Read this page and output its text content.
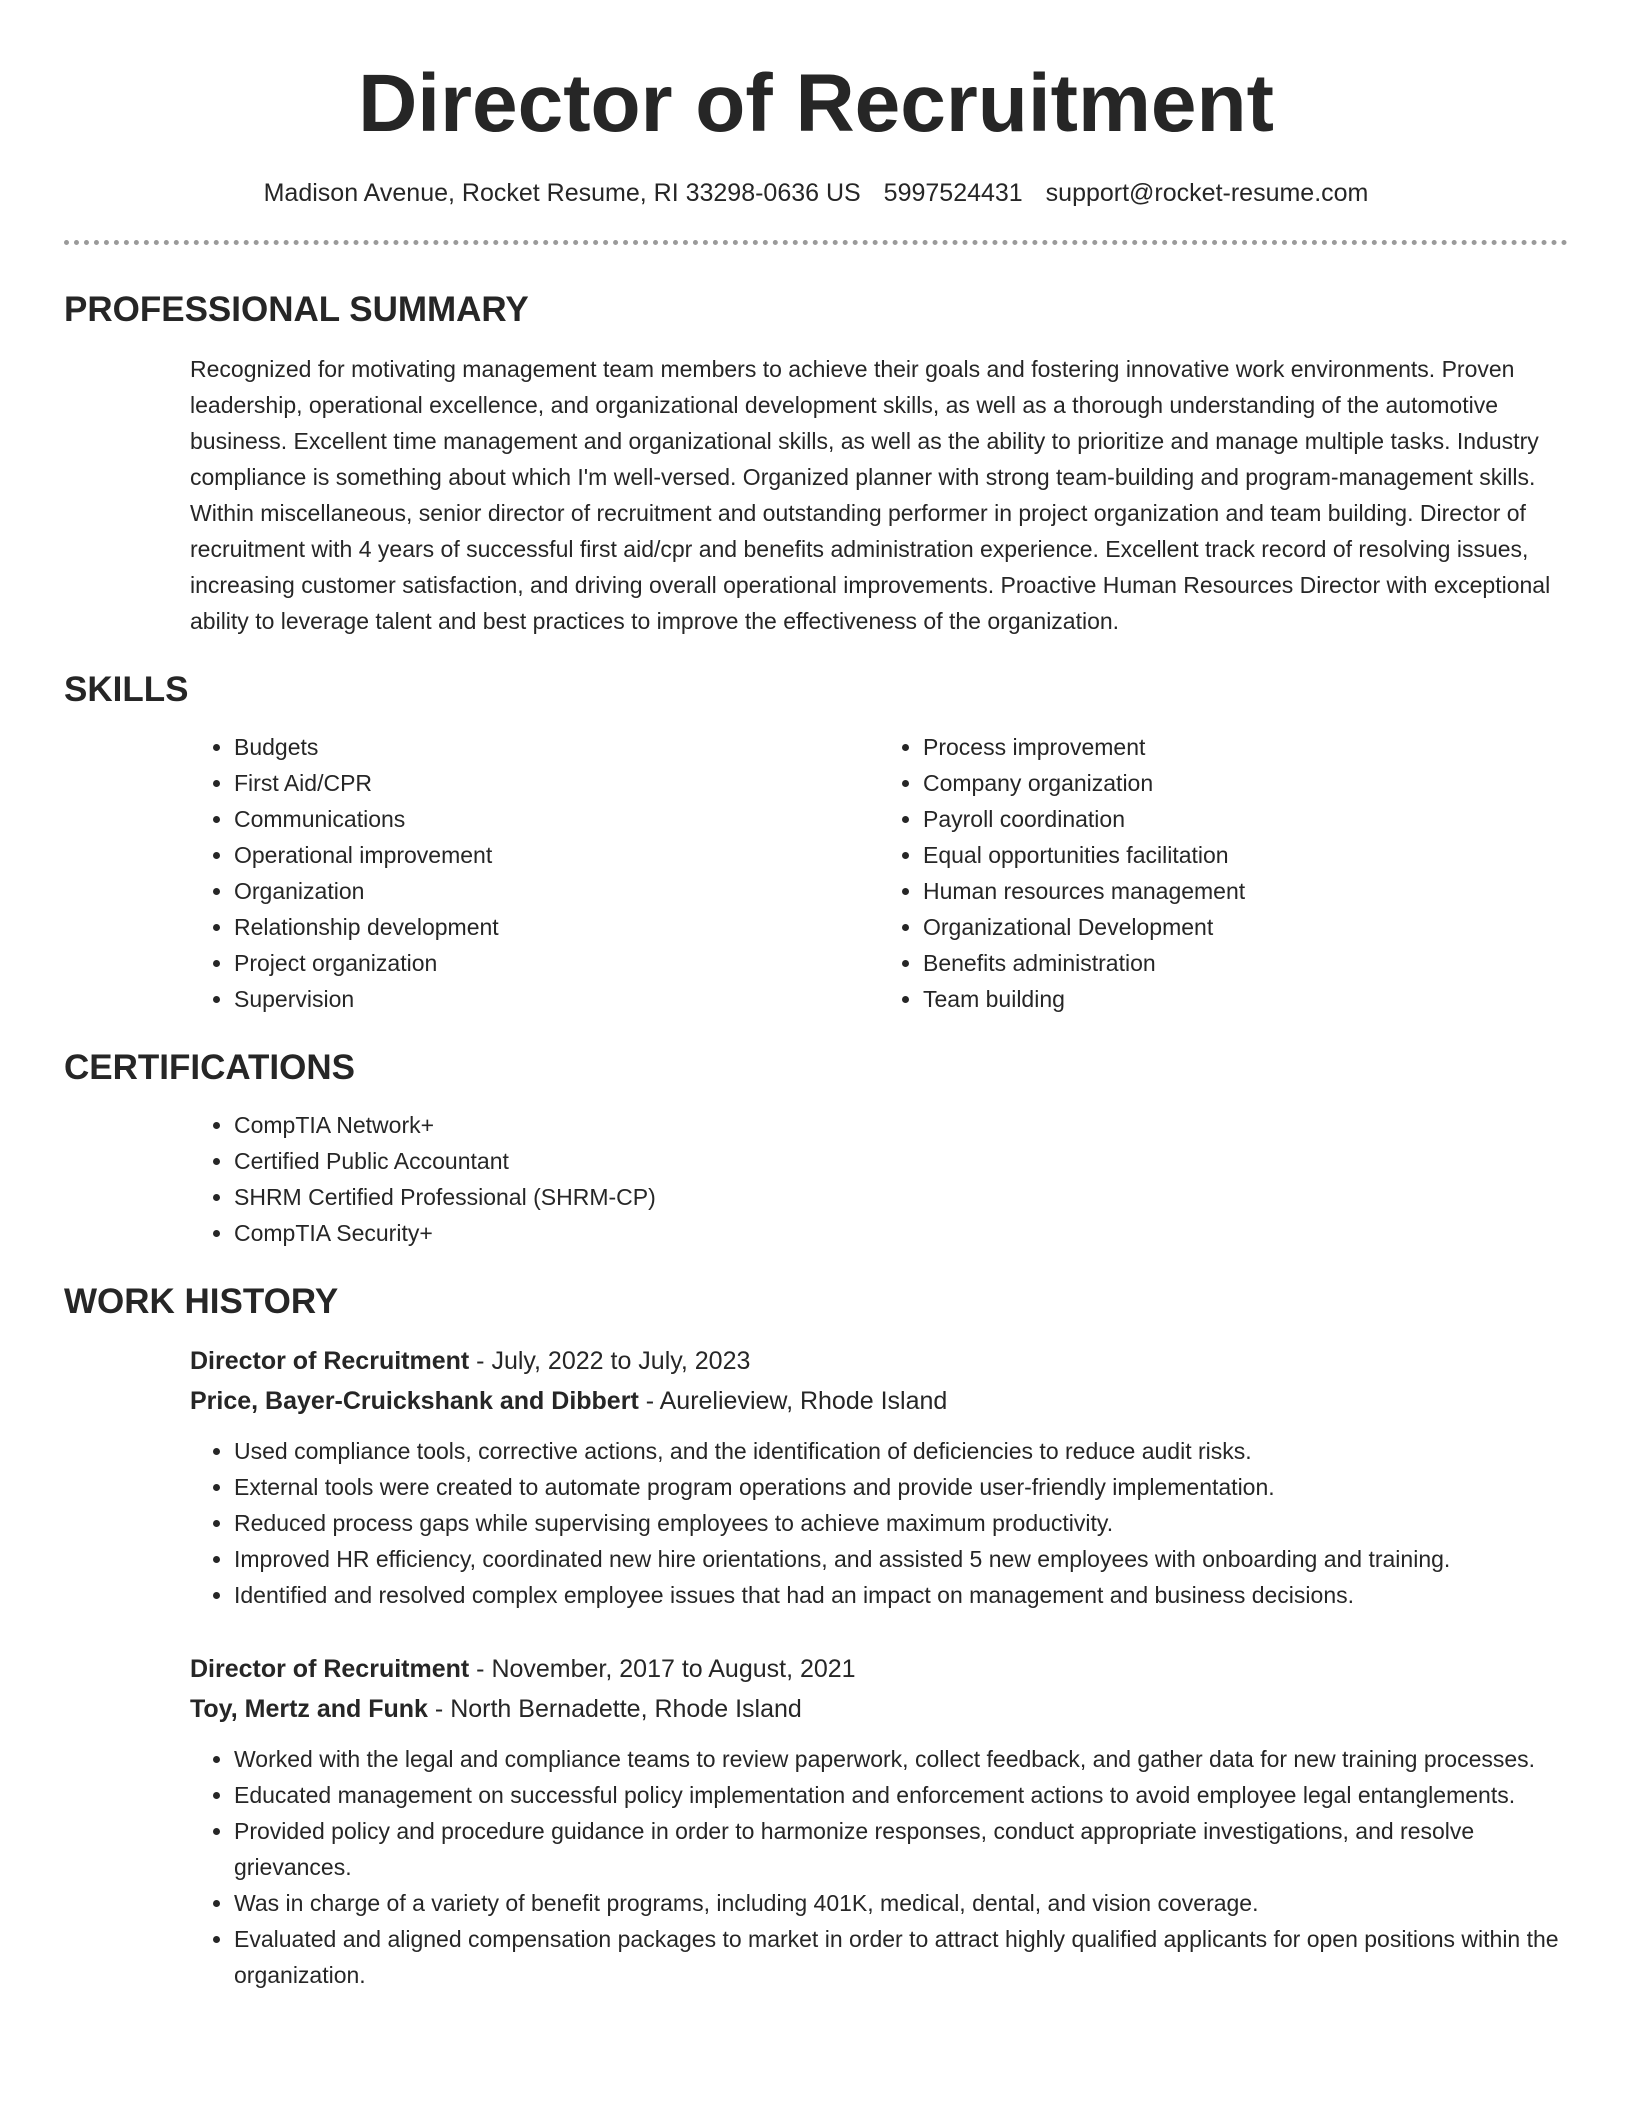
Director of Recruitment
Madison Avenue, Rocket Resume, RI 33298-0636 US 5997524431 support@rocket-resume.com
PROFESSIONAL SUMMARY
Recognized for motivating management team members to achieve their goals and fostering innovative work environments. Proven leadership, operational excellence, and organizational development skills, as well as a thorough understanding of the automotive business. Excellent time management and organizational skills, as well as the ability to prioritize and manage multiple tasks. Industry compliance is something about which I'm well-versed. Organized planner with strong team-building and program-management skills. Within miscellaneous, senior director of recruitment and outstanding performer in project organization and team building. Director of recruitment with 4 years of successful first aid/cpr and benefits administration experience. Excellent track record of resolving issues, increasing customer satisfaction, and driving overall operational improvements. Proactive Human Resources Director with exceptional ability to leverage talent and best practices to improve the effectiveness of the organization.
SKILLS
• Budgets
• First Aid/CPR
• Communications
• Operational improvement
• Organization
• Relationship development
• Project organization
• Supervision
• Process improvement
• Company organization
• Payroll coordination
• Equal opportunities facilitation
• Human resources management
• Organizational Development
• Benefits administration
• Team building
CERTIFICATIONS
• CompTIA Network+
• Certified Public Accountant
• SHRM Certified Professional (SHRM-CP)
• CompTIA Security+
WORK HISTORY
Director of Recruitment - July, 2022 to July, 2023
Price, Bayer-Cruickshank and Dibbert - Aurelieview, Rhode Island
• Used compliance tools, corrective actions, and the identification of deficiencies to reduce audit risks.
• External tools were created to automate program operations and provide user-friendly implementation.
• Reduced process gaps while supervising employees to achieve maximum productivity.
• Improved HR efficiency, coordinated new hire orientations, and assisted 5 new employees with onboarding and training.
• Identified and resolved complex employee issues that had an impact on management and business decisions.
Director of Recruitment - November, 2017 to August, 2021
Toy, Mertz and Funk - North Bernadette, Rhode Island
• Worked with the legal and compliance teams to review paperwork, collect feedback, and gather data for new training processes.
• Educated management on successful policy implementation and enforcement actions to avoid employee legal entanglements.
• Provided policy and procedure guidance in order to harmonize responses, conduct appropriate investigations, and resolve grievances.
• Was in charge of a variety of benefit programs, including 401K, medical, dental, and vision coverage.
• Evaluated and aligned compensation packages to market in order to attract highly qualified applicants for open positions within the organization.
